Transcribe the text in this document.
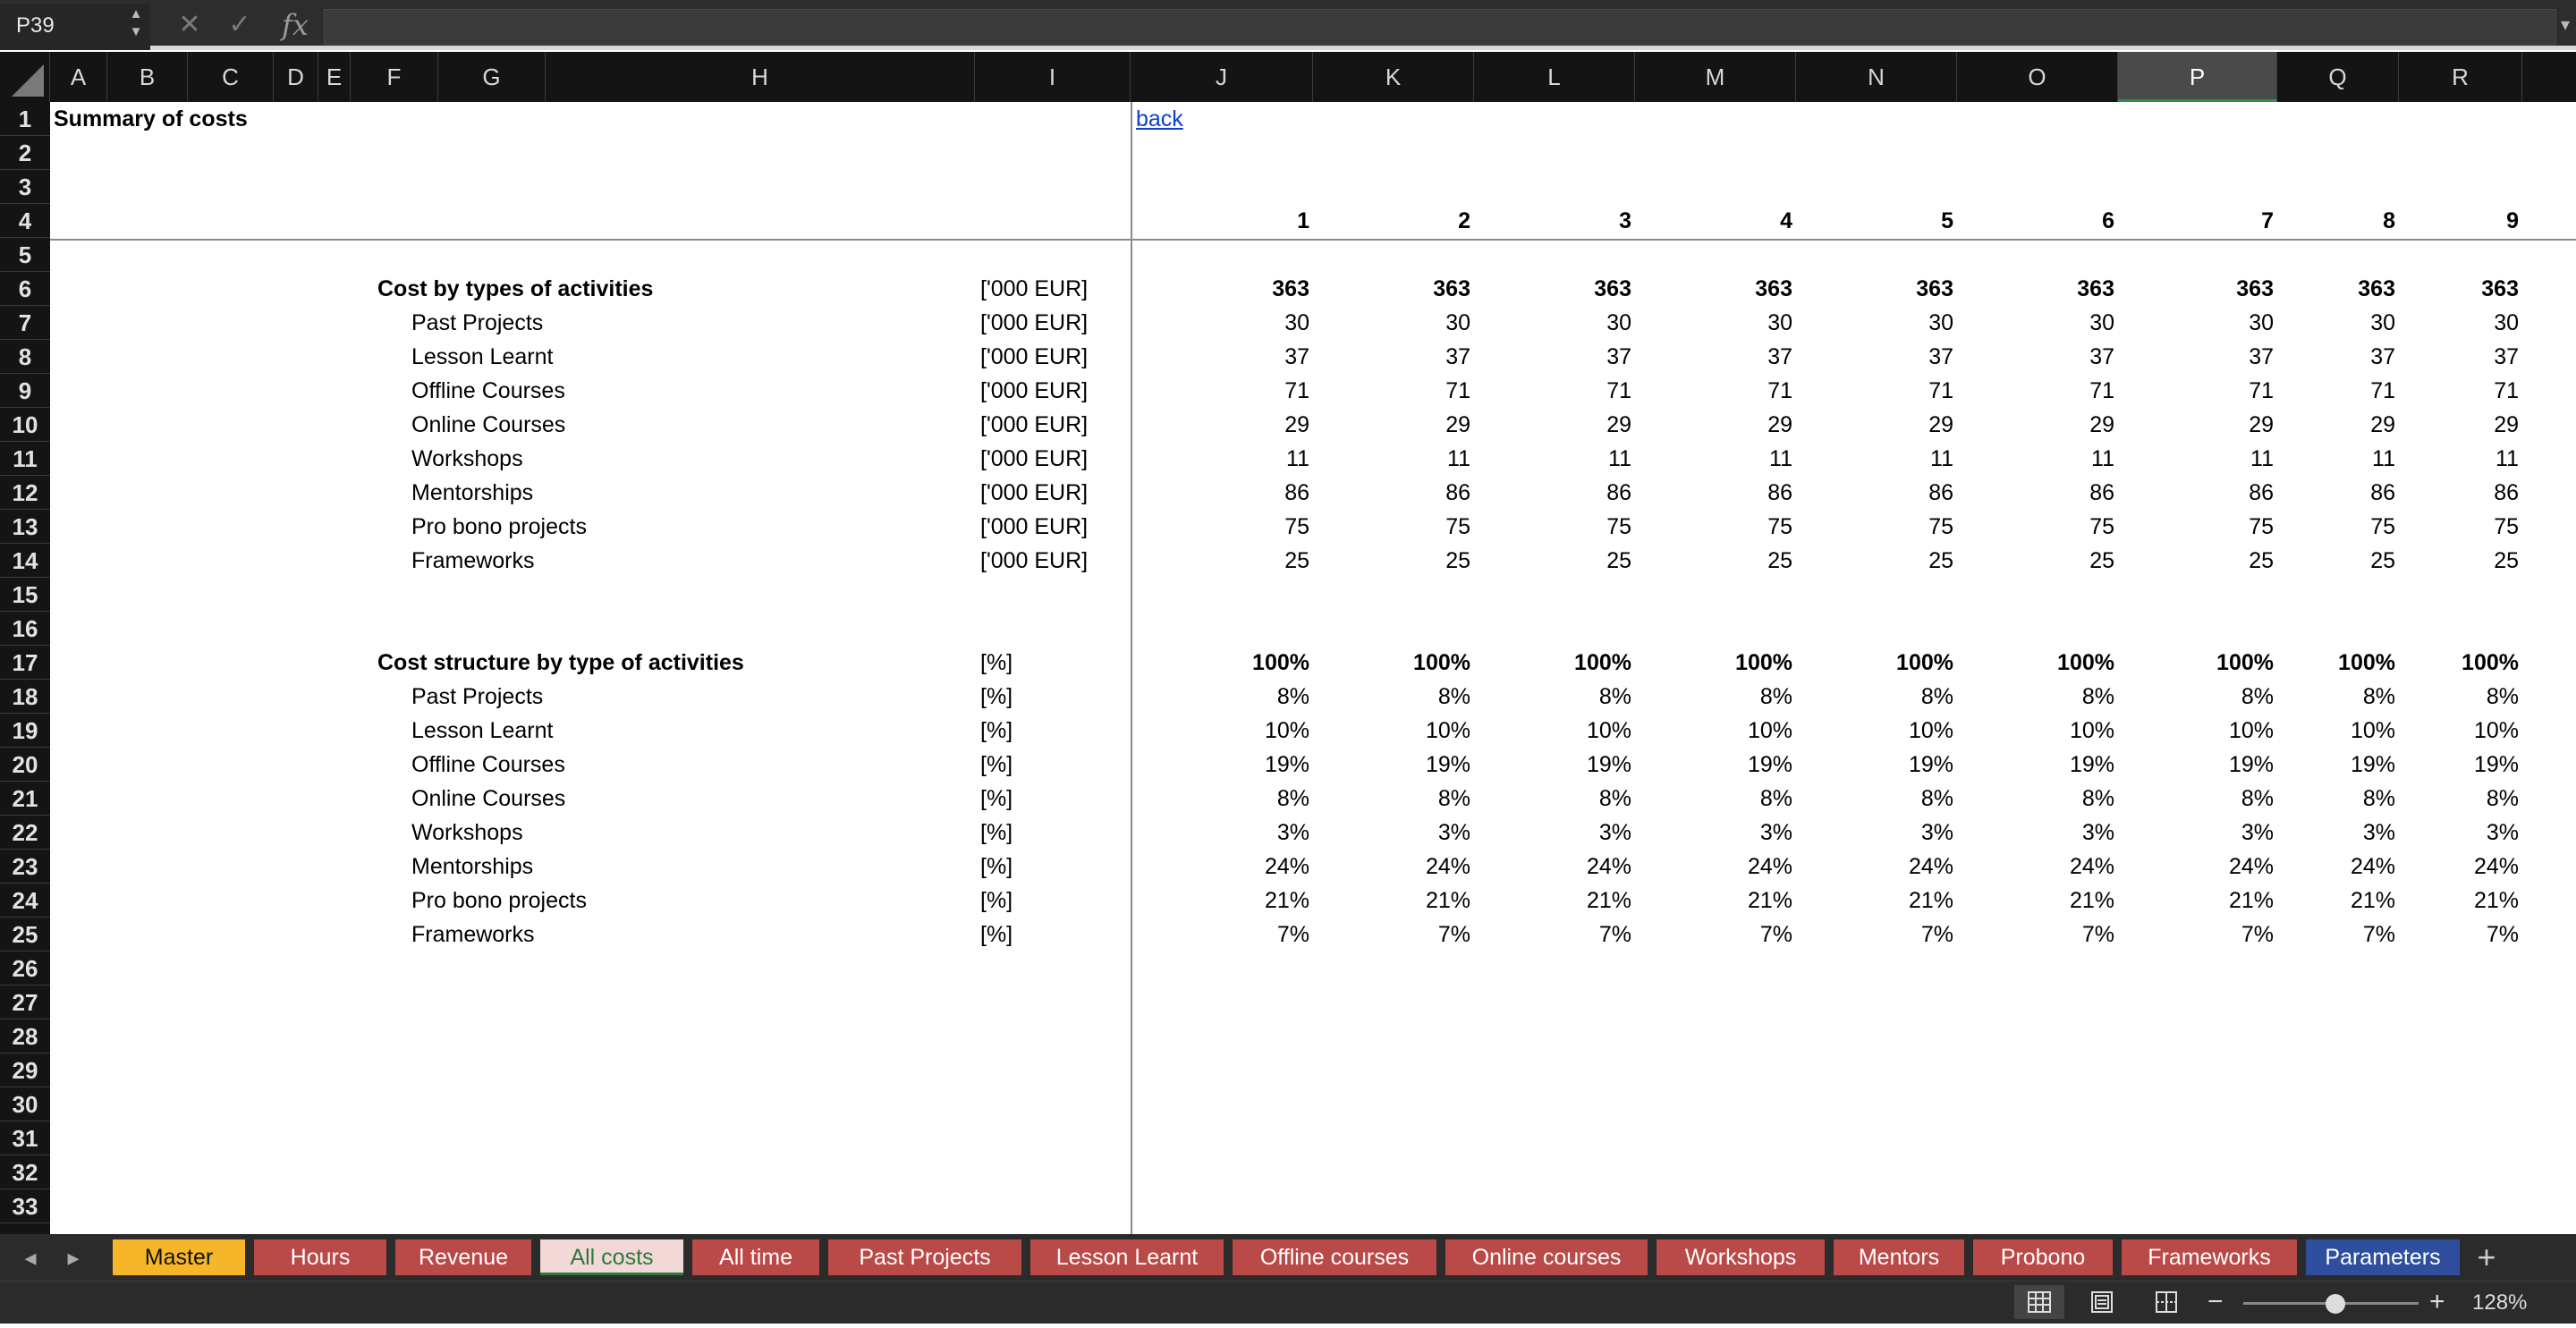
P39	▲
▼ ✕ ✓ fx	▾
A	B	C	D E	F	G	H	I	J	K	L	M	N	O	P	Q	R
1
2
3
4
5
6
7
8
9
10
11
12
13
14
15
16
17
18
19
20
21
22
23
24
25
26
27
28
29
30
31
32
33
Summary of costs	back
1	2	3	4	5	6	7	8	9
Cost by types of activities	['000 EUR]	363	363	363	363	363	363	363	363	363
Past Projects	['000 EUR]	30	30	30	30	30	30	30	30	30
Lesson Learnt	['000 EUR]	37	37	37	37	37	37	37	37	37
Offline Courses	['000 EUR]	71	71	71	71	71	71	71	71	71
Online Courses	['000 EUR]	29	29	29	29	29	29	29	29	29
Workshops	['000 EUR]	11	11	11	11	11	11	11	11	11
Mentorships	['000 EUR]	86	86	86	86	86	86	86	86	86
Pro bono projects	['000 EUR]	75	75	75	75	75	75	75	75	75
Frameworks	['000 EUR]	25	25	25	25	25	25	25	25	25
Cost structure by type of activities	[%]	100%	100%	100%	100%	100%	100%	100%	100%	100%
Past Projects	[%]	8%	8%	8%	8%	8%	8%	8%	8%	8%
Lesson Learnt	[%]	10%	10%	10%	10%	10%	10%	10%	10%	10%
Offline Courses	[%]	19%	19%	19%	19%	19%	19%	19%	19%	19%
Online Courses	[%]	8%	8%	8%	8%	8%	8%	8%	8%	8%
Workshops	[%]	3%	3%	3%	3%	3%	3%	3%	3%	3%
Mentorships	[%]	24%	24%	24%	24%	24%	24%	24%	24%	24%
Pro bono projects	[%]	21%	21%	21%	21%	21%	21%	21%	21%	21%
Frameworks	[%]	7%	7%	7%	7%	7%	7%	7%	7%	7%
◂	▸	+
Master	Hours	Revenue	All costs	All time	Past Projects	Lesson Learnt	Offline courses	Online courses	Workshops	Mentors	Probono	Frameworks	Parameters
−	+ 128%
